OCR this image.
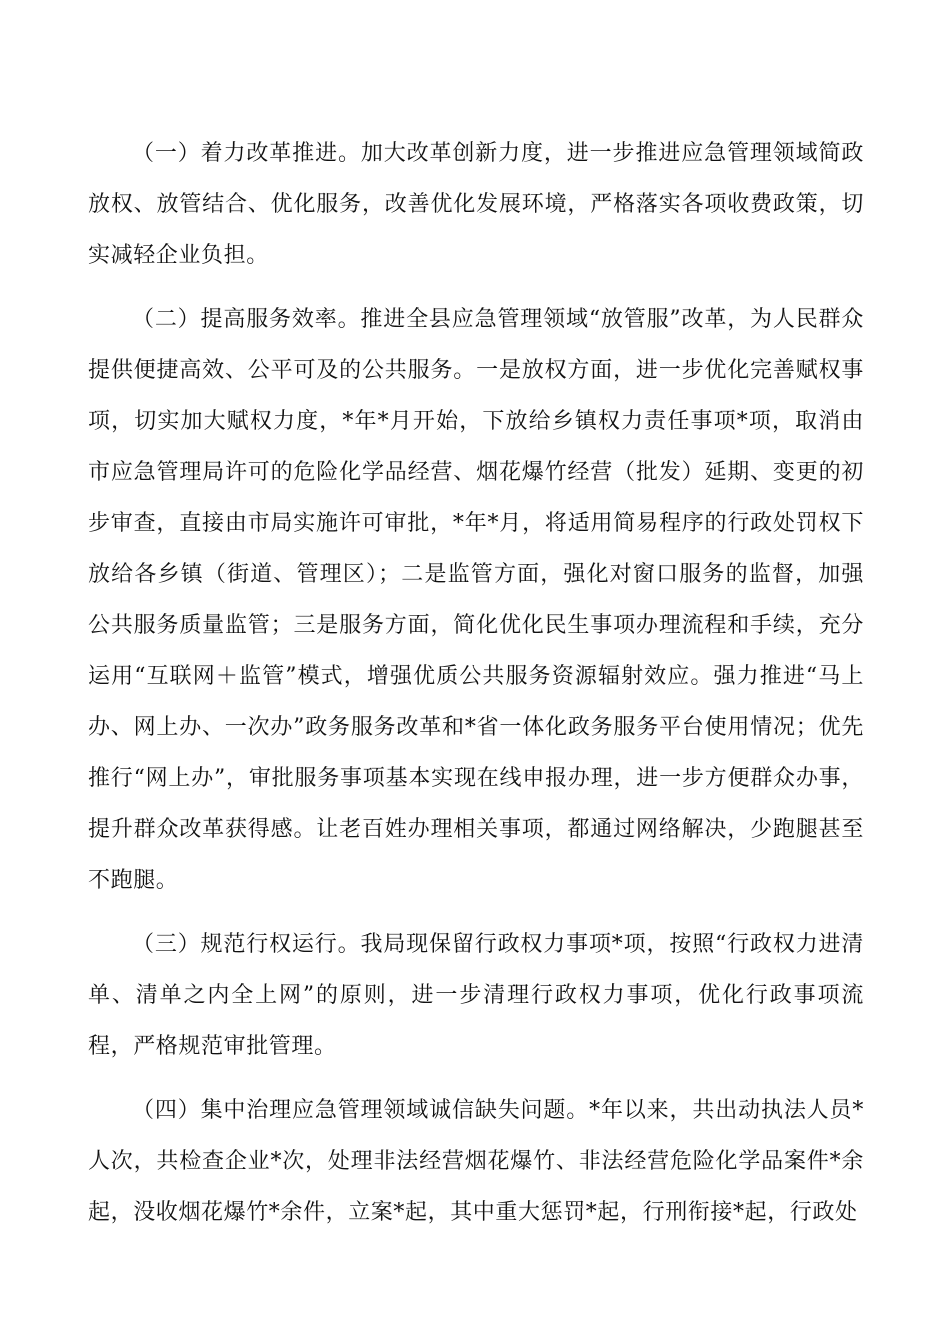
（一）着力改革推进。加大改革创新力度，进一步推进应急管理领域简政放权、放管结合、优化服务，改善优化发展环境，严格落实各项收费政策，切实减轻企业负担。

（二）提高服务效率。推进全县应急管理领域“放管服”改革，为人民群众提供便捷高效、公平可及的公共服务。一是放权方面，进一步优化完善赋权事项，切实加大赋权力度，*年*月开始，下放给乡镇权力责任事项*项，取消由市应急管理局许可的危险化学品经营、烟花爆竹经营（批发）延期、变更的初步审查，直接由市局实施许可审批，*年*月，将适用简易程序的行政处罚权下放给各乡镇（街道、管理区）；二是监管方面，强化对窗口服务的监督，加强公共服务质量监管；三是服务方面，简化优化民生事项办理流程和手续，充分运用“互联网＋监管”模式，增强优质公共服务资源辐射效应。强力推进“马上办、网上办、一次办”政务服务改革和*省一体化政务服务平台使用情况；优先推行“网上办”，审批服务事项基本实现在线申报办理，进一步方便群众办事，提升群众改革获得感。让老百姓办理相关事项，都通过网络解决，少跑腿甚至不跑腿。

（三）规范行权运行。我局现保留行政权力事项*项，按照“行政权力进清单、清单之内全上网”的原则，进一步清理行政权力事项，优化行政事项流程，严格规范审批管理。

（四）集中治理应急管理领域诚信缺失问题。*年以来，共出动执法人员*人次，共检查企业*次，处理非法经营烟花爆竹、非法经营危险化学品案件*余起，没收烟花爆竹*余件，立案*起，其中重大惩罚*起，行刑衔接*起，行政处
